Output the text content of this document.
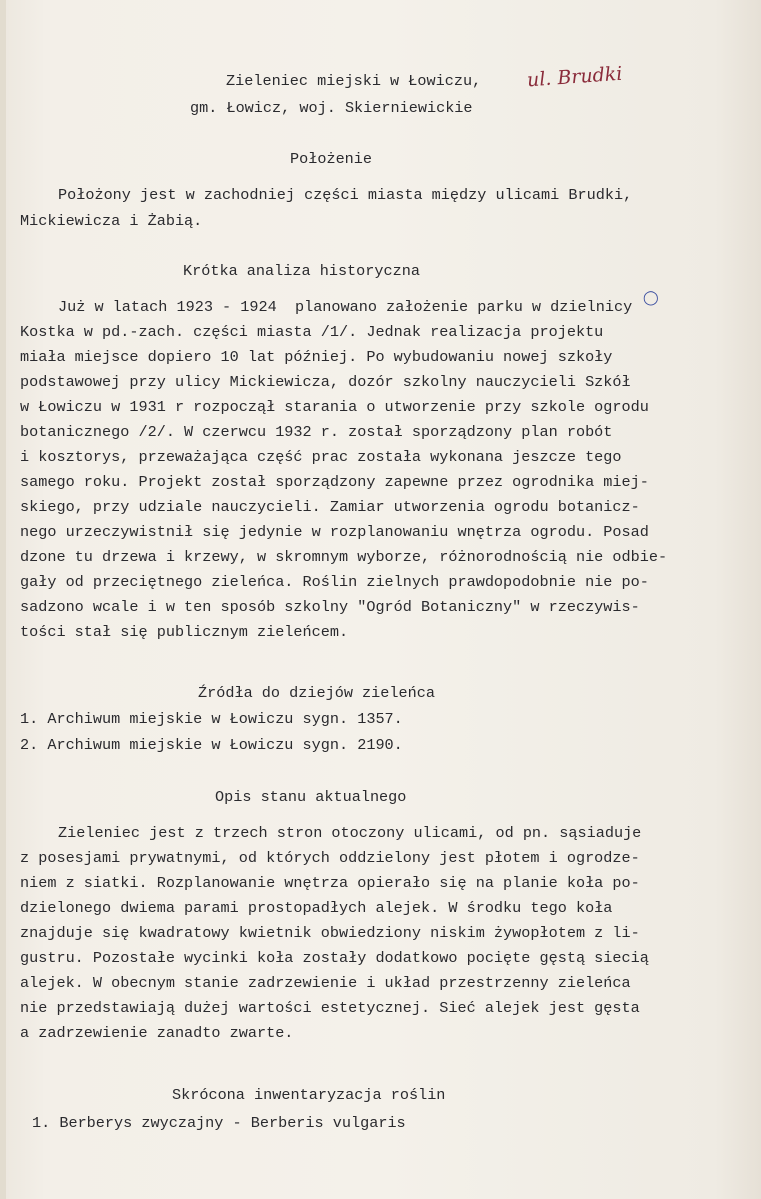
Zieleniec miejski w Łowiczu, ul. Brudki
gm. Łowicz, woj. Skierniewickie
Położenie
Położony jest w zachodniej części miasta między ulicami Brudki,
Mickiewicza i Żabią.
Krótka analiza historyczna
Już w latach 1923 - 1924  planowano założenie parku w dzielnicy
Kostka w pd.-zach. części miasta /1/. Jednak realizacja projektu
miała miejsce dopiero 10 lat później. Po wybudowaniu nowej szkoły
podstawowej przy ulicy Mickiewicza, dozór szkolny nauczycieli Szkół
w Łowiczu w 1931 r rozpoczął starania o utworzenie przy szkole ogrodu
botanicznego /2/. W czerwcu 1932 r. został sporządzony plan robót
i kosztorys, przeważająca część prac została wykonana jeszcze tego
samego roku. Projekt został sporządzony zapewne przez ogrodnika miej-
skiego, przy udziale nauczycieli. Zamiar utworzenia ogrodu botanicz-
nego urzeczywistnił się jedynie w rozplanowaniu wnętrza ogrodu. Posad
dzone tu drzewa i krzewy, w skromnym wyborze, różnorodnością nie odbie-
gały od przeciętnego zieleńca. Roślin zielnych prawdopodobnie nie po-
sadzono wcale i w ten sposób szkolny "Ogród Botaniczny" w rzeczywis-
tości stał się publicznym zieleńcem.
◯
Źródła do dziejów zieleńca
1. Archiwum miejskie w Łowiczu sygn. 1357.
2. Archiwum miejskie w Łowiczu sygn. 2190.
Opis stanu aktualnego
Zieleniec jest z trzech stron otoczony ulicami, od pn. sąsiaduje
z posesjami prywatnymi, od których oddzielony jest płotem i ogrodze-
niem z siatki. Rozplanowanie wnętrza opierało się na planie koła po-
dzielonego dwiema parami prostopadłych alejek. W środku tego koła
znajduje się kwadratowy kwietnik obwiedziony niskim żywopłotem z li-
gustru. Pozostałe wycinki koła zostały dodatkowo pocięte gęstą siecią
alejek. W obecnym stanie zadrzewienie i układ przestrzenny zieleńca
nie przedstawiają dużej wartości estetycznej. Sieć alejek jest gęsta
a zadrzewienie zanadto zwarte.
Skrócona inwentaryzacja roślin
1. Berberys zwyczajny - Berberis vulgaris
